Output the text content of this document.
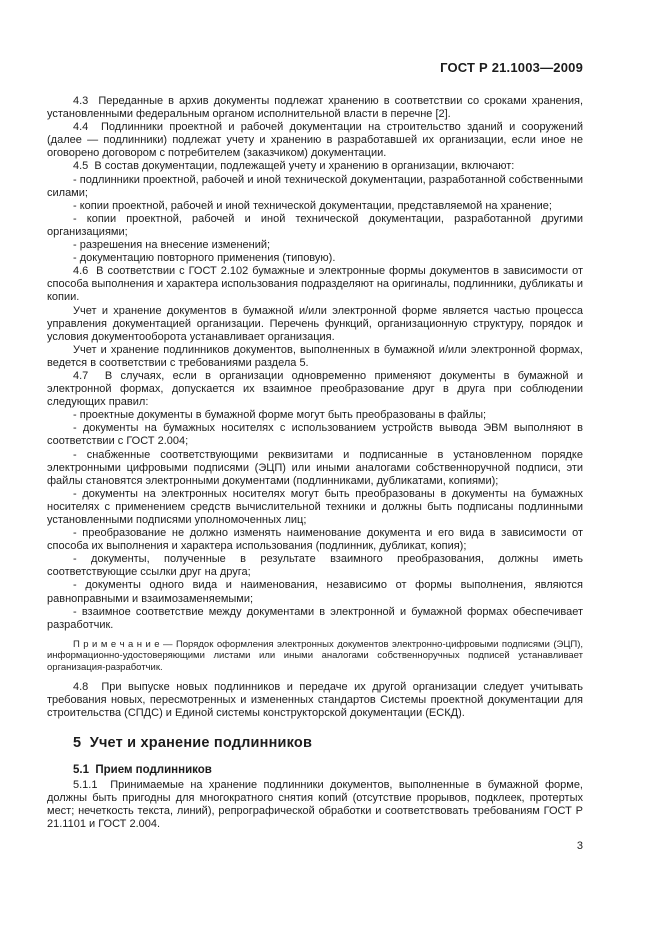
ГОСТ Р 21.1003—2009

4.3  Переданные в архив документы подлежат хранению в соответствии со сроками хранения, установленными федеральным органом исполнительной власти в перечне [2].

4.4  Подлинники проектной и рабочей документации на строительство зданий и сооружений (далее — подлинники) подлежат учету и хранению в разработавшей их организации, если иное не оговорено договором с потребителем (заказчиком) документации.

4.5  В состав документации, подлежащей учету и хранению в организации, включают:

- подлинники проектной, рабочей и иной технической документации, разработанной собственными силами;

- копии проектной, рабочей и иной технической документации, представляемой на хранение;

- копии проектной, рабочей и иной технической документации, разработанной другими организациями;

- разрешения на внесение изменений;

- документацию повторного применения (типовую).

4.6  В соответствии с ГОСТ 2.102 бумажные и электронные формы документов в зависимости от способа выполнения и характера использования подразделяют на оригиналы, подлинники, дубликаты и копии.

Учет и хранение документов в бумажной и/или электронной форме является частью процесса управления документацией организации. Перечень функций, организационную структуру, порядок и условия документооборота устанавливает организация.

Учет и хранение подлинников документов, выполненных в бумажной и/или электронной формах, ведется в соответствии с требованиями раздела 5.

4.7  В случаях, если в организации одновременно применяют документы в бумажной и электронной формах, допускается их взаимное преобразование друг в друга при соблюдении следующих правил:

- проектные документы в бумажной форме могут быть преобразованы в файлы;

- документы на бумажных носителях с использованием устройств вывода ЭВМ выполняют в соответствии с ГОСТ 2.004;

- снабженные соответствующими реквизитами и подписанные в установленном порядке электронными цифровыми подписями (ЭЦП) или иными аналогами собственноручной подписи, эти файлы становятся электронными документами (подлинниками, дубликатами, копиями);

- документы на электронных носителях могут быть преобразованы в документы на бумажных носителях с применением средств вычислительной техники и должны быть подписаны подлинными установленными подписями уполномоченных лиц;

- преобразование не должно изменять наименование документа и его вида в зависимости от способа их выполнения и характера использования (подлинник, дубликат, копия);

- документы, полученные в результате взаимного преобразования, должны иметь соответствующие ссылки друг на друга;

- документы одного вида и наименования, независимо от формы выполнения, являются равноправными и взаимозаменяемыми;

- взаимное соответствие между документами в электронной и бумажной формах обеспечивает разработчик.

П р и м е ч а н и е — Порядок оформления электронных документов электронно-цифровыми подписями (ЭЦП), информационно-удостоверяющими листами или иными аналогами собственноручных подписей устанавливает организация-разработчик.

4.8  При выпуске новых подлинников и передаче их другой организации следует учитывать требования новых, пересмотренных и измененных стандартов Системы проектной документации для строительства (СПДС) и Единой системы конструкторской документации (ЕСКД).

5  Учет и хранение подлинников
5.1  Прием подлинников

5.1.1  Принимаемые на хранение подлинники документов, выполненные в бумажной форме, должны быть пригодны для многократного снятия копий (отсутствие прорывов, подклеек, протертых мест; нечеткость текста, линий), репрографической обработки и соответствовать требованиям ГОСТ Р 21.1101 и ГОСТ 2.004.

3
